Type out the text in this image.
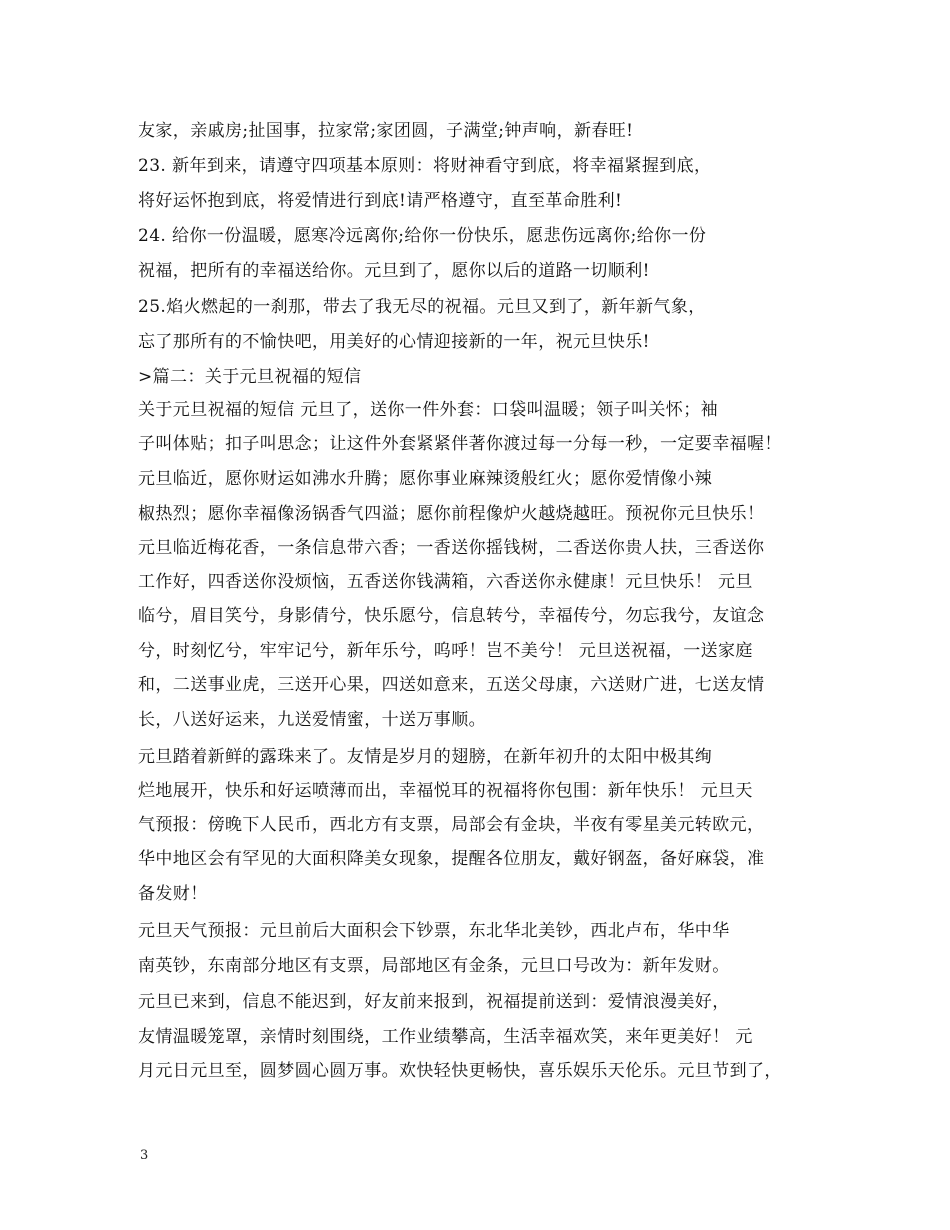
友家，亲戚房;扯国事，拉家常;家团圆，子满堂;钟声响，新春旺!
23. 新年到来，请遵守四项基本原则：将财神看守到底，将幸福紧握到底，
将好运怀抱到底，将爱情进行到底!请严格遵守，直至革命胜利!
24. 给你一份温暖，愿寒冷远离你;给你一份快乐，愿悲伤远离你;给你一份
祝福，把所有的幸福送给你。元旦到了，愿你以后的道路一切顺利!
25.焰火燃起的一刹那，带去了我无尽的祝福。元旦又到了，新年新气象，
忘了那所有的不愉快吧，用美好的心情迎接新的一年，祝元旦快乐!
>篇二：关于元旦祝福的短信
关于元旦祝福的短信 元旦了，送你一件外套：口袋叫温暖；领子叫关怀；袖
子叫体贴；扣子叫思念；让这件外套紧紧伴著你渡过每一分每一秒，一定要幸福喔！
元旦临近，愿你财运如沸水升腾；愿你事业麻辣烫般红火；愿你爱情像小辣
椒热烈；愿你幸福像汤锅香气四溢；愿你前程像炉火越烧越旺。预祝你元旦快乐！
元旦临近梅花香，一条信息带六香；一香送你摇钱树，二香送你贵人扶，三香送你
工作好，四香送你没烦恼，五香送你钱满箱，六香送你永健康！元旦快乐！ 元旦
临兮，眉目笑兮，身影倩兮，快乐愿兮，信息转兮，幸福传兮，勿忘我兮，友谊念
兮，时刻忆兮，牢牢记兮，新年乐兮，呜呼！岂不美兮！ 元旦送祝福，一送家庭
和，二送事业虎，三送开心果，四送如意来，五送父母康，六送财广进，七送友情
长，八送好运来，九送爱情蜜，十送万事顺。
元旦踏着新鲜的露珠来了。友情是岁月的翅膀，在新年初升的太阳中极其绚
烂地展开，快乐和好运喷薄而出，幸福悦耳的祝福将你包围：新年快乐！ 元旦天
气预报：傍晚下人民币，西北方有支票，局部会有金块，半夜有零星美元转欧元，
华中地区会有罕见的大面积降美女现象，提醒各位朋友，戴好钢盔，备好麻袋，准
备发财！
元旦天气预报：元旦前后大面积会下钞票，东北华北美钞，西北卢布，华中华
南英钞，东南部分地区有支票，局部地区有金条，元旦口号改为：新年发财。
元旦已来到，信息不能迟到，好友前来报到，祝福提前送到：爱情浪漫美好，
友情温暖笼罩，亲情时刻围绕，工作业绩攀高，生活幸福欢笑，来年更美好！ 元
月元日元旦至，圆梦圆心圆万事。欢快轻快更畅快，喜乐娱乐天伦乐。元旦节到了，
3
